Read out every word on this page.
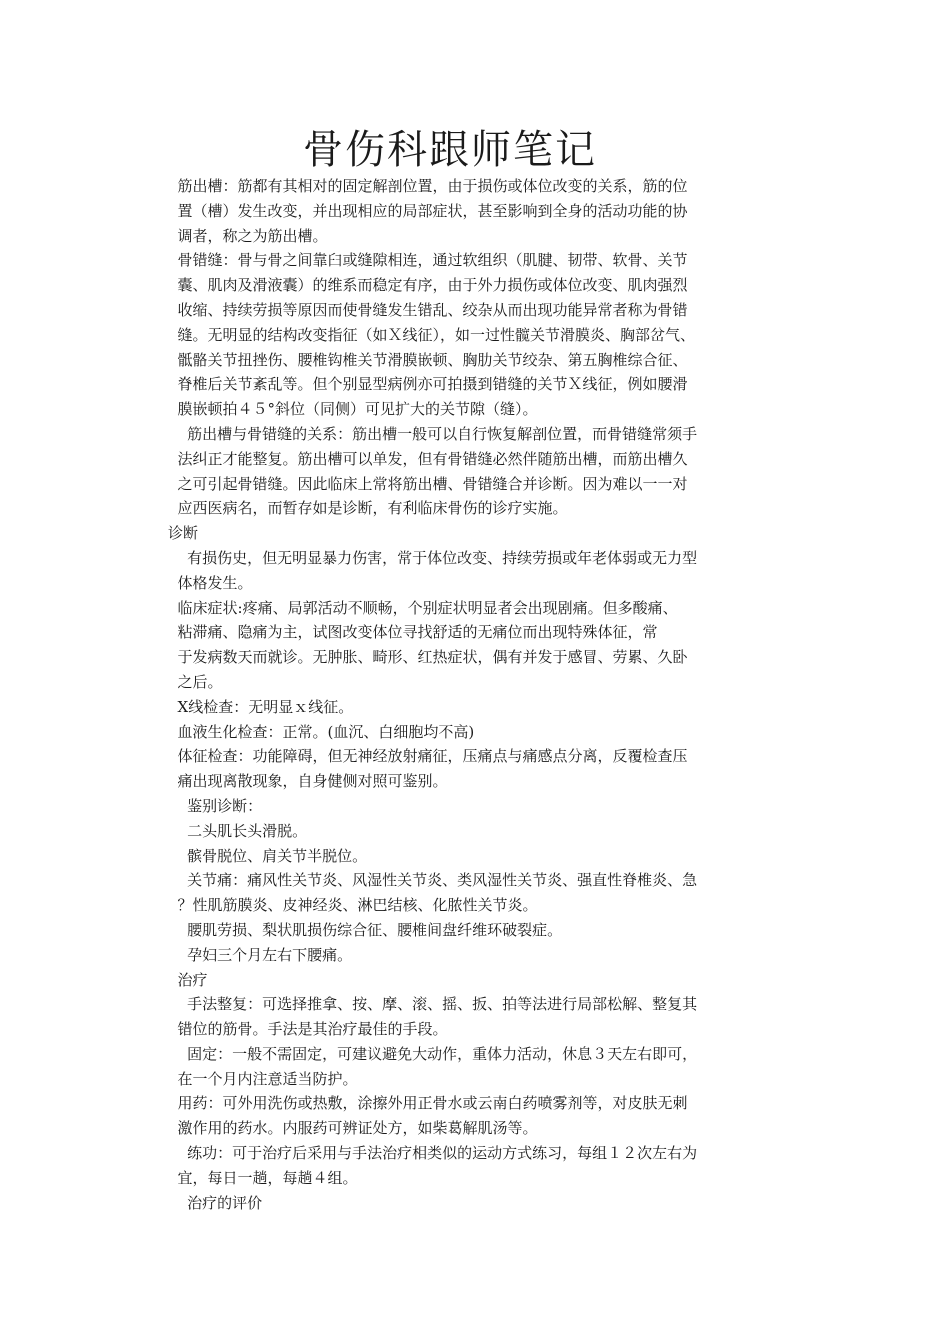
骨伤科跟师笔记

筋出槽：筋都有其相对的固定解剖位置，由于损伤或体位改变的关系，筋的位

置（槽）发生改变，并出现相应的局部症状，甚至影响到全身的活动功能的协

调者，称之为筋出槽。

骨错缝：骨与骨之间靠臼或缝隙相连，通过软组织（肌腱、韧带、软骨、关节

囊、肌肉及滑液囊）的维系而稳定有序，由于外力损伤或体位改变、肌肉强烈

收缩、持续劳损等原因而使骨缝发生错乱、绞杂从而出现功能异常者称为骨错

缝。无明显的结构改变指征（如Ｘ线征），如一过性髋关节滑膜炎、胸部岔气、

骶骼关节扭挫伤、腰椎钩椎关节滑膜嵌顿、胸肋关节绞杂、第五胸椎综合征、

脊椎后关节紊乱等。但个别显型病例亦可拍摄到错缝的关节Ｘ线征，例如腰滑

膜嵌顿拍４５°斜位（同侧）可见扩大的关节隙（缝）。

筋出槽与骨错缝的关系：筋出槽一般可以自行恢复解剖位置，而骨错缝常须手

法纠正才能整复。筋出槽可以单发，但有骨错缝必然伴随筋出槽，而筋出槽久

之可引起骨错缝。因此临床上常将筋出槽、骨错缝合并诊断。因为难以一一对

应西医病名，而暂存如是诊断，有利临床骨伤的诊疗实施。

诊断

有损伤史，但无明显暴力伤害，常于体位改变、持续劳损或年老体弱或无力型

体格发生。

临床症状:疼痛、局郭活动不顺畅，个别症状明显者会出现剧痛。但多酸痛、

粘滞痛、隐痛为主，试图改变体位寻找舒适的无痛位而出现特殊体征，常

于发病数天而就诊。无肿胀、畸形、红热症状，偶有并发于感冒、劳累、久卧

之后。

X线检查：无明显ｘ线征。

血液生化检查：正常。(血沉、白细胞均不高)

体征检查：功能障碍，但无神经放射痛征，压痛点与痛感点分离，反覆检查压

痛出现离散现象，自身健侧对照可鉴别。

鉴别诊断：

二头肌长头滑脱。

髌骨脱位、肩关节半脱位。

关节痛：痛风性关节炎、风湿性关节炎、类风湿性关节炎、强直性脊椎炎、急

？性肌筋膜炎、皮神经炎、淋巴结核、化脓性关节炎。

腰肌劳损、梨状肌损伤综合征、腰椎间盘纤维环破裂症。

孕妇三个月左右下腰痛。

治疗

手法整复：可选择推拿、按、摩、滚、摇、扳、拍等法进行局部松解、整复其

错位的筋骨。手法是其治疗最佳的手段。

固定：一般不需固定，可建议避免大动作，重体力活动，休息３天左右即可，

在一个月内注意适当防护。

用药：可外用洗伤或热敷，涂擦外用正骨水或云南白药喷雾剂等，对皮肤无刺

激作用的药水。内服药可辨证处方，如柴葛解肌汤等。

练功：可于治疗后采用与手法治疗相类似的运动方式练习，每组１２次左右为

宜，每日一趟，每趟４组。

治疗的评价
